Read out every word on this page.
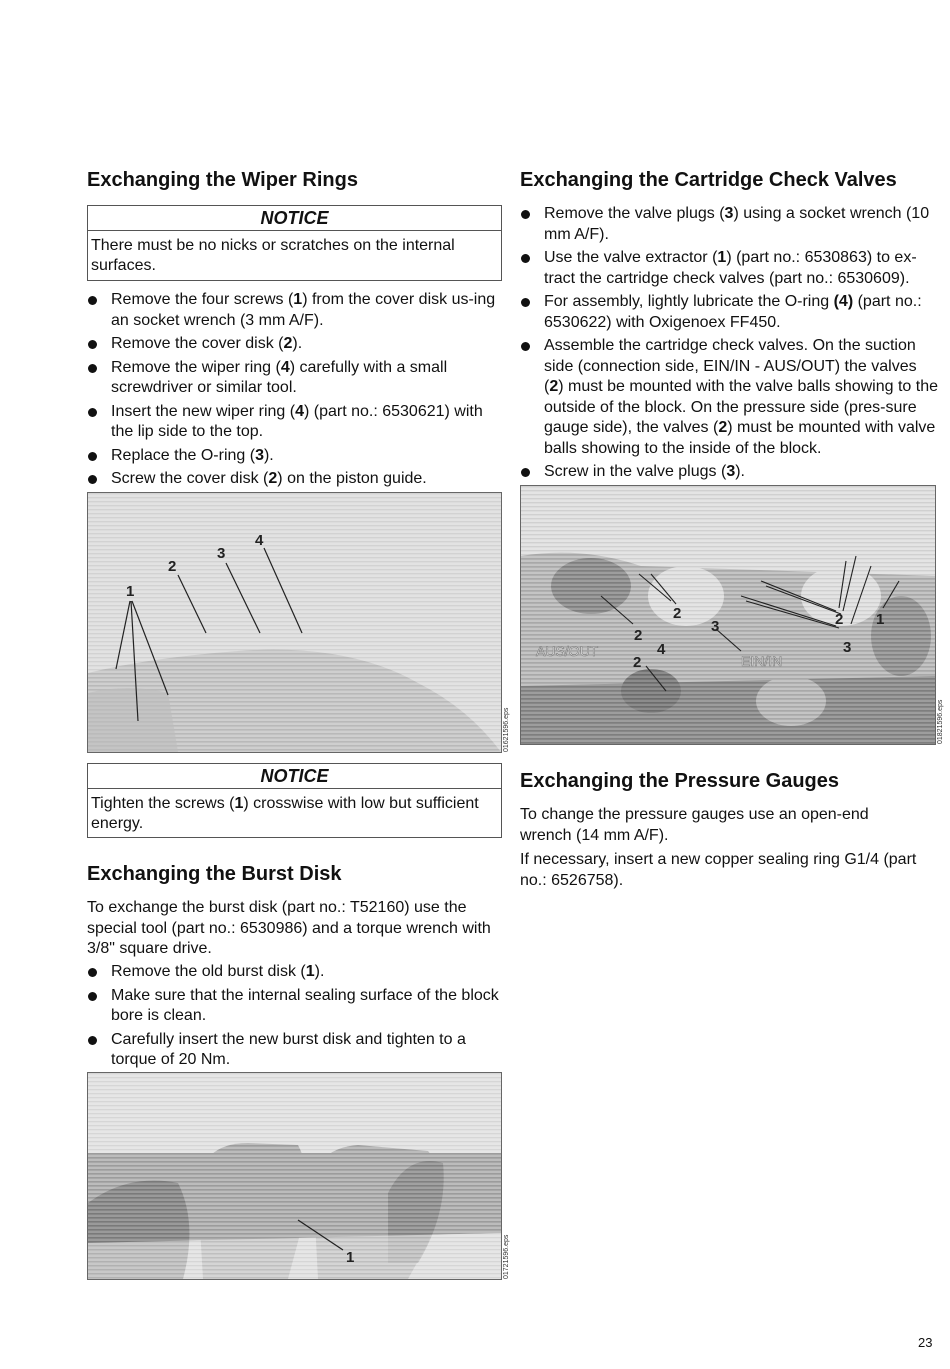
Exchanging the Wiper Rings
NOTICE
There must be no nicks or scratches on the internal surfaces.
Remove the four screws (1) from the cover disk us-ing an socket wrench (3 mm A/F).
Remove the cover disk (2).
Remove the wiper ring (4) carefully with a small screwdriver or similar tool.
Insert the new wiper ring (4) (part no.: 6530621) with the lip side to the top.
Replace the O-ring (3).
Screw the cover disk (2) on the piston guide.
1
2
3
4
01621596.eps
NOTICE
Tighten the screws (1) crosswise with low but sufficient energy.
Exchanging the Burst Disk

To exchange the burst disk (part no.: T52160) use the special tool (part no.: 6530986) and a torque wrench with 3/8" square drive.

Remove the old burst disk (1).
Make sure that the internal sealing surface of the block bore is clean.
Carefully insert the new burst disk and tighten to a torque of 20 Nm.
1	01721596.eps
Exchanging the Cartridge Check Valves
Remove the valve plugs (3) using a socket wrench (10 mm A/F).
Use the valve extractor (1) (part no.: 6530863) to ex-tract the cartridge check valves (part no.: 6530609).
For assembly, lightly lubricate the O-ring (4) (part no.: 6530622) with Oxigenoex FF450.
Assemble the cartridge check valves. On the suction side (connection side, EIN/IN - AUS/OUT) the valves (2) must be mounted with the valve balls showing to the outside of the block. On the pressure side (pres-sure gauge side), the valves (2) must be mounted with valve balls showing to the inside of the block.
Screw in the valve plugs (3).
AUS/OUT
EIN/IN
2
3
2
4
2
2
3
1
01821596.eps
Exchanging the Pressure Gauges

To change the pressure gauges use an open-end wrench (14 mm A/F).

If necessary, insert a new copper sealing ring G1/4 (part no.: 6526758).

23
